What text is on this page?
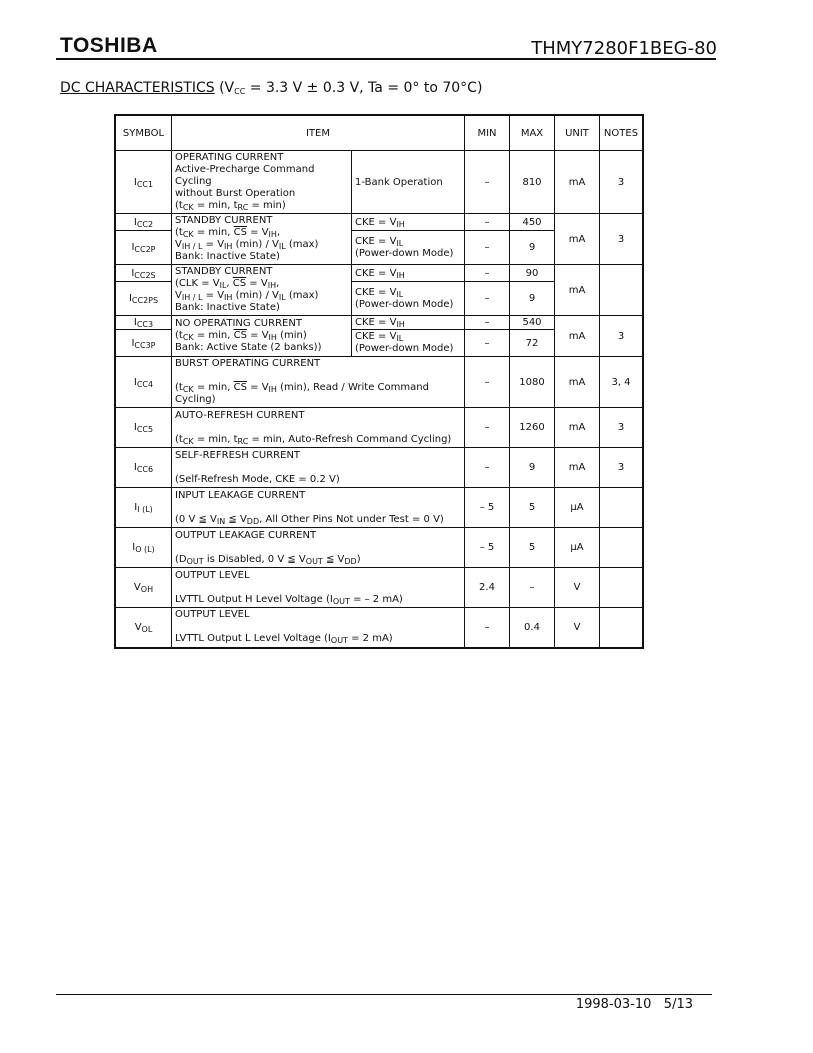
TOSHIBA	THMY7280F1BEG-80
DC CHARACTERISTICS ($V_{CC} = 3.3$ V ± 0.3 V, Ta = 0° to 70°C)
SYMBOL	ITEM		MIN	MAX	UNIT	NOTES
$I_{CC1}$	OPERATING CURRENT
Active-Precharge Command Cycling
without Burst Operation
($t_{CK} = \min$, $t_{RC} = \min$)	1-Bank Operation	–	810	mA	3
$I_{CC2}$	STANDBY CURRENT
($t_{CK} = \min$, $\overline{CS} = V_{IH}$,
$V_{IH / L} = V_{IH}$ $(\min) / V_{IL}$ (max)
Bank: Inactive State)	CKE = $V_{IH}$	–	450	mA	3
$I_{CC2P}$		CKE = $V_{IL}$
(Power-down Mode)	–	9		
$I_{CC2S}$	STANDBY CURRENT
($CLK = V_{IL}$, $\overline{CS} = V_{IH}$,
$V_{IH / L} = V_{IH}$ $(\min) / V_{IL}$ (max)
Bank: Inactive State)	CKE = $V_{IH}$	–	90	mA	
$I_{CC2PS}$		CKE = $V_{IL}$
(Power-down Mode)	–	9		
$I_{CC3}$	NO OPERATING CURRENT
($t_{CK} = \min$, $\overline{CS} = V_{IH}$ (min)
Bank: Active State (2 banks))	CKE = $V_{IH}$	–	540	mA	3
$I_{CC3P}$		CKE = $V_{IL}$
(Power-down Mode)	–	72		
$I_{CC4}$	BURST OPERATING CURRENT

($t_{CK} = \min$, $\overline{CS} = V_{IH}$ (min), Read / Write Command Cycling)		–	1080	mA	3, 4
$I_{CC5}$	AUTO-REFRESH CURRENT

($t_{CK} = \min$, $t_{RC} = \min$, Auto-Refresh Command Cycling)		–	1260	mA	3
$I_{CC6}$	SELF-REFRESH CURRENT

(Self-Refresh Mode, CKE = 0.2 V)		–	9	mA	3
$I_{I (L)}$	INPUT LEAKAGE CURRENT

(0 V ≦ $V_{IN}$ ≦ $V_{DD}$, All Other Pins Not under Test = 0 V)		– 5	5	μA	
$I_{O (L)}$	OUTPUT LEAKAGE CURRENT

($D_{OUT}$ is Disabled, 0 V ≦ $V_{OUT}$ ≦ $V_{DD}$)		– 5	5	μA	
$V_{OH}$	OUTPUT LEVEL

LVTTL Output H Level Voltage ($I_{OUT}$ = – 2 mA)		2.4	–	V	
$V_{OL}$	OUTPUT LEVEL

LVTTL Output L Level Voltage ($I_{OUT} = 2$ mA)		–	0.4	V	
1998-03-10 5/13
